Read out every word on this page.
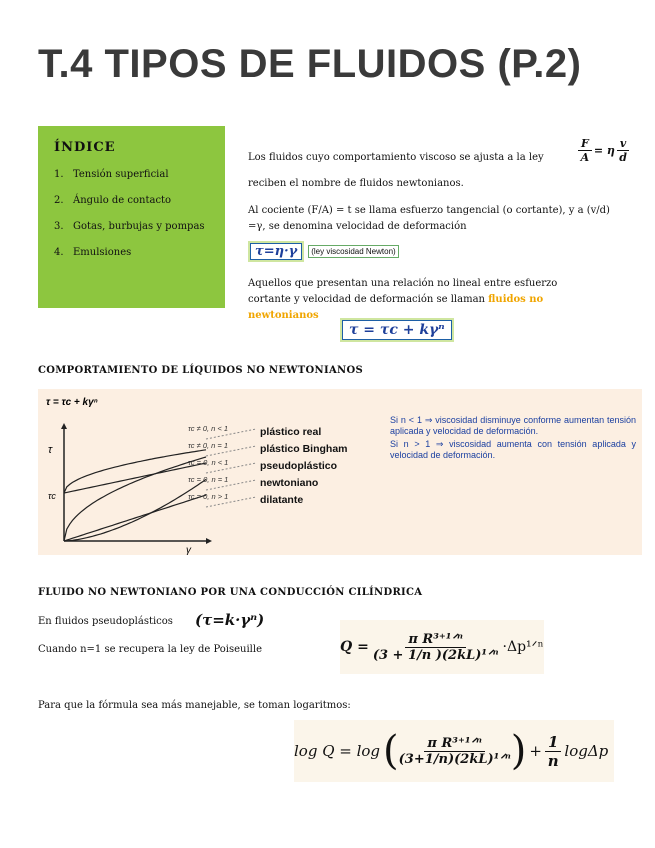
T.4 TIPOS DE FLUIDOS (P.2)
ÍNDICE
1. Tensión superficial
2. Ángulo de contacto
3. Gotas, burbujas y pompas
4. Emulsiones
Los fluidos cuyo comportamiento viscoso se ajusta a la ley	$\frac{F}{A} = \eta \frac{v}{d}$
reciben el nombre de fluidos newtonianos.
Al cociente (F/A) = t se llama esfuerzo tangencial (o cortante), y a (v/d) =γ, se denomina velocidad de deformación
τ=η·γ	(ley viscosidad Newton)
Aquellos que presentan una relación no lineal entre esfuerzo cortante y velocidad de deformación se llaman fluidos no newtonianos
τ = τc + kγⁿ
COMPORTAMIENTO DE LÍQUIDOS NO NEWTONIANOS
τ = τc + kγⁿ
τ
γ
τc
τc ≠ 0, n < 1	plástico real
τc ≠ 0, n = 1	plástico Bingham
τc = 0, n < 1	pseudoplástico
τc = 0, n = 1	newtoniano
τc = 0, n > 1	dilatante
Si n < 1 ⇒ viscosidad disminuye conforme aumentan tensión aplicada y velocidad de deformación.
Si n > 1 ⇒ viscosidad aumenta con tensión aplicada y velocidad de deformación.
FLUIDO NO NEWTONIANO POR UNA CONDUCCIÓN CILÍNDRICA
En fluidos pseudoplásticos (τ=k·γⁿ)
Cuando n=1 se recupera la ley de Poiseuille	$Q = \frac{\text{π R³⁺¹ᐟⁿ}}{\text{(3 + 1/n )(2kL)¹ᐟⁿ}}$ ·Δp¹ᐟⁿ
Para que la fórmula sea más manejable, se toman logaritmos:
log Q = log ( $\frac{\text{π R³⁺¹ᐟⁿ}}{\text{(3+1/n)(2kL)¹ᐟⁿ}}$ ) + $\frac{1}{n}$ logΔp
